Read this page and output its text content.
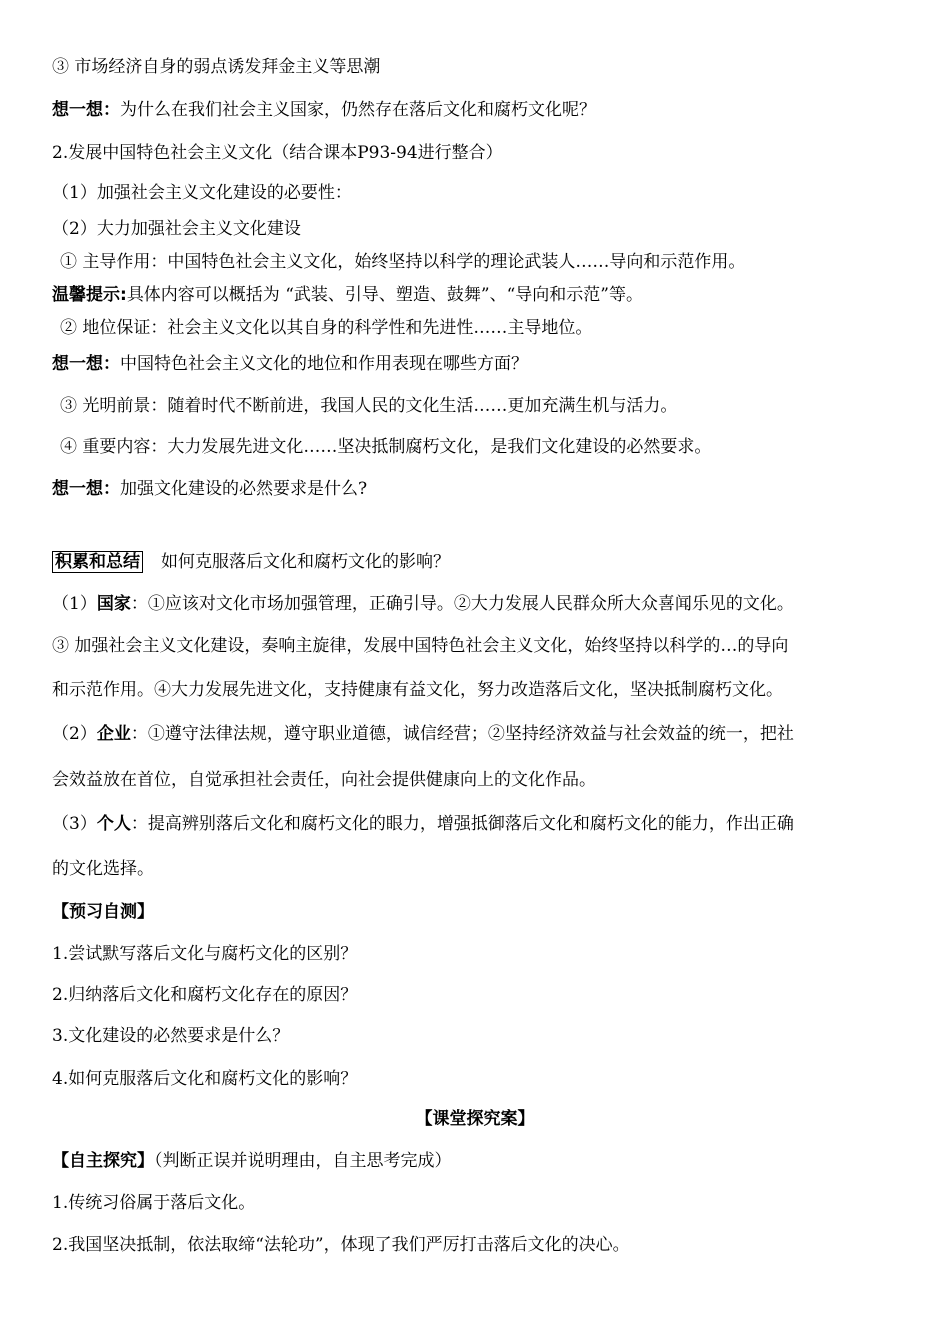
③ 市场经济自身的弱点诱发拜金主义等思潮
想一想：为什么在我们社会主义国家，仍然存在落后文化和腐朽文化呢？
2.发展中国特色社会主义文化（结合课本P93-94进行整合）
（1）加强社会主义文化建设的必要性：
（2）大力加强社会主义文化建设
① 主导作用：中国特色社会主义文化，始终坚持以科学的理论武装人……导向和示范作用。
温馨提示:具体内容可以概括为 “武装、引导、塑造、鼓舞”、“导向和示范”等。
② 地位保证：社会主义文化以其自身的科学性和先进性……主导地位。
想一想：中国特色社会主义文化的地位和作用表现在哪些方面？
③ 光明前景：随着时代不断前进，我国人民的文化生活……更加充满生机与活力。
④ 重要内容：大力发展先进文化……坚决抵制腐朽文化，是我们文化建设的必然要求。
想一想：加强文化建设的必然要求是什么?
积累和总结 如何克服落后文化和腐朽文化的影响？
（1）国家：①应该对文化市场加强管理，正确引导。②大力发展人民群众所大众喜闻乐见的文化。
③ 加强社会主义文化建设，奏响主旋律，发展中国特色社会主义文化，始终坚持以科学的…的导向
和示范作用。④大力发展先进文化，支持健康有益文化，努力改造落后文化，坚决抵制腐朽文化。
（2）企业：①遵守法律法规，遵守职业道德，诚信经营；②坚持经济效益与社会效益的统一，把社
会效益放在首位，自觉承担社会责任，向社会提供健康向上的文化作品。
（3）个人：提高辨别落后文化和腐朽文化的眼力，增强抵御落后文化和腐朽文化的能力，作出正确
的文化选择。
【预习自测】
1.尝试默写落后文化与腐朽文化的区别？
2.归纳落后文化和腐朽文化存在的原因？
3.文化建设的必然要求是什么？
4.如何克服落后文化和腐朽文化的影响？
【课堂探究案】
【自主探究】（判断正误并说明理由，自主思考完成）
1.传统习俗属于落后文化。
2.我国坚决抵制，依法取缔“法轮功”，体现了我们严厉打击落后文化的决心。
